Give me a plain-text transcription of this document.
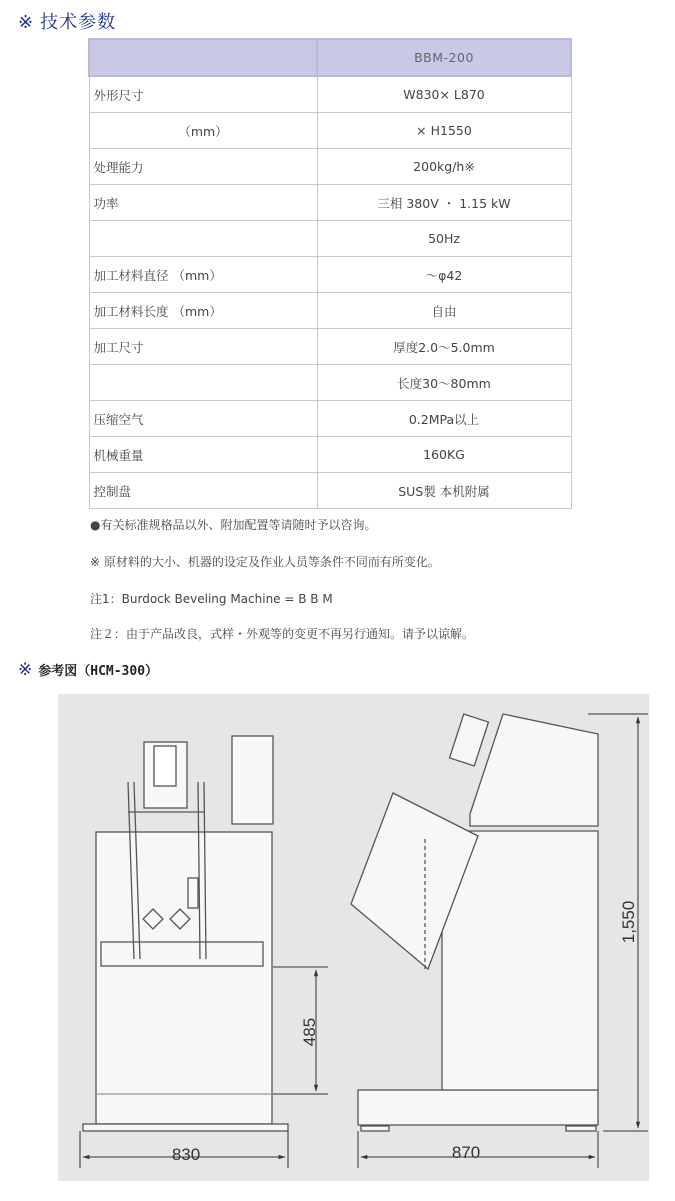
※ 技术参数
	BBM-200
外形尺寸	W830× L870
（mm）	× H1550
处理能力	200kg/h※
功率	三相 380V ・ 1.15 kW
	50Hz
加工材料直径 （mm）	～φ42
加工材料长度 （mm）	自由
加工尺寸	厚度2.0～5.0mm
	长度30～80mm
压缩空气	0.2MPa以上
机械重量	160KG
控制盘	SUS製 本机附属
●有关标准规格品以外、附加配置等请随时予以咨询。
※ 原材料的大小、机器的设定及作业人员等条件不同而有所变化。
注1：Burdock Beveling Machine = B B M
注２：由于产品改良，式样・外观等的变更不再另行通知。请予以谅解。
※ 参考図（HCM-300）
830	870
485
1,550
